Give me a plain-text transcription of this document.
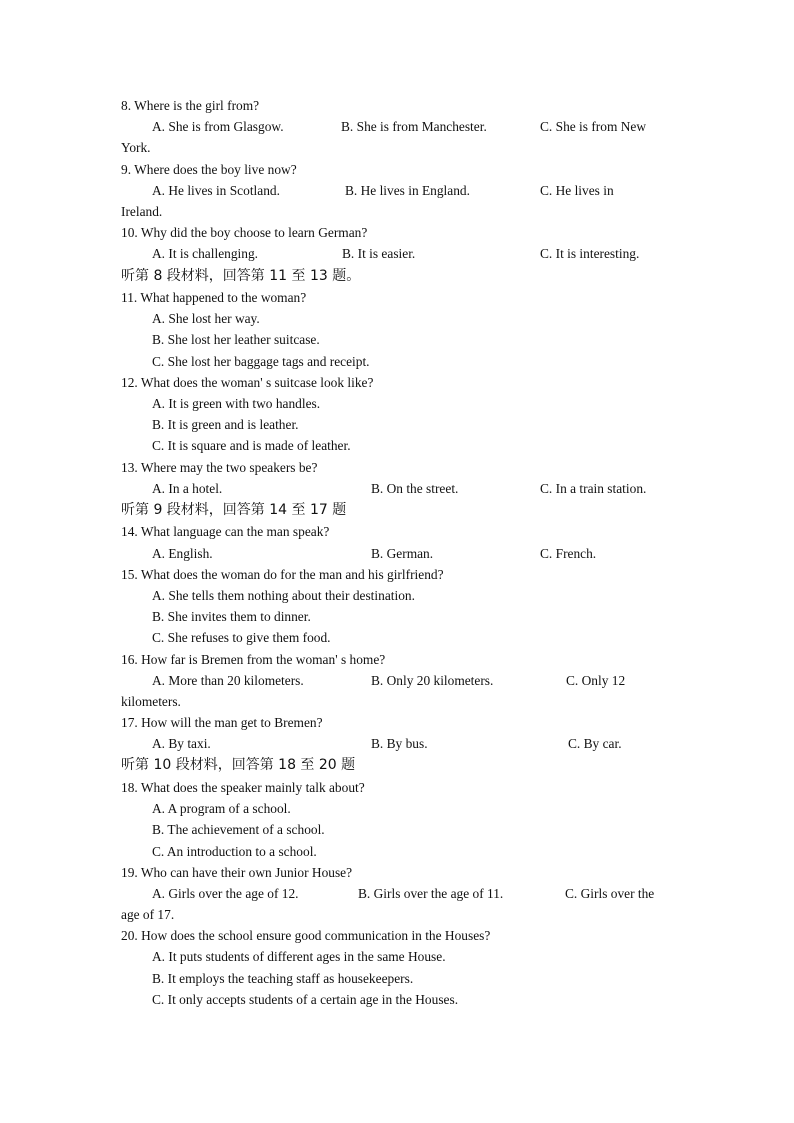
8. Where is the girl from?
A. She is from Glasgow.	B. She is from Manchester.	C. She is from New
York.
9. Where does the boy live now?
A. He lives in Scotland.	B. He lives in England.	C. He lives in
Ireland.
10. Why did the boy choose to learn German?
A. It is challenging.	B. It is easier.	C. It is interesting.
听第 8 段材料，回答第 11 至 13 题。
11. What happened to the woman?
A. She lost her way.
B. She lost her leather suitcase.
C. She lost her baggage tags and receipt.
12. What does the woman' s suitcase look like?
A. It is green with two handles.
B. It is green and is leather.
C. It is square and is made of leather.
13. Where may the two speakers be?
A. In a hotel.	B. On the street.	C. In a train station.
听第 9 段材料，回答第 14 至 17 题
14. What language can the man speak?
A. English.	B. German.	C. French.
15. What does the woman do for the man and his girlfriend?
A. She tells them nothing about their destination.
B. She invites them to dinner.
C. She refuses to give them food.
16. How far is Bremen from the woman' s home?
A. More than 20 kilometers.	B. Only 20 kilometers.	C. Only 12
kilometers.
17. How will the man get to Bremen?
A. By taxi.	B. By bus.	C. By car.
听第 10 段材料，回答第 18 至 20 题
18. What does the speaker mainly talk about?
A. A program of a school.
B. The achievement of a school.
C. An introduction to a school.
19. Who can have their own Junior House?
A. Girls over the age of 12.	B. Girls over the age of 11.	C. Girls over the
age of 17.
20. How does the school ensure good communication in the Houses?
A. It puts students of different ages in the same House.
B. It employs the teaching staff as housekeepers.
C. It only accepts students of a certain age in the Houses.
